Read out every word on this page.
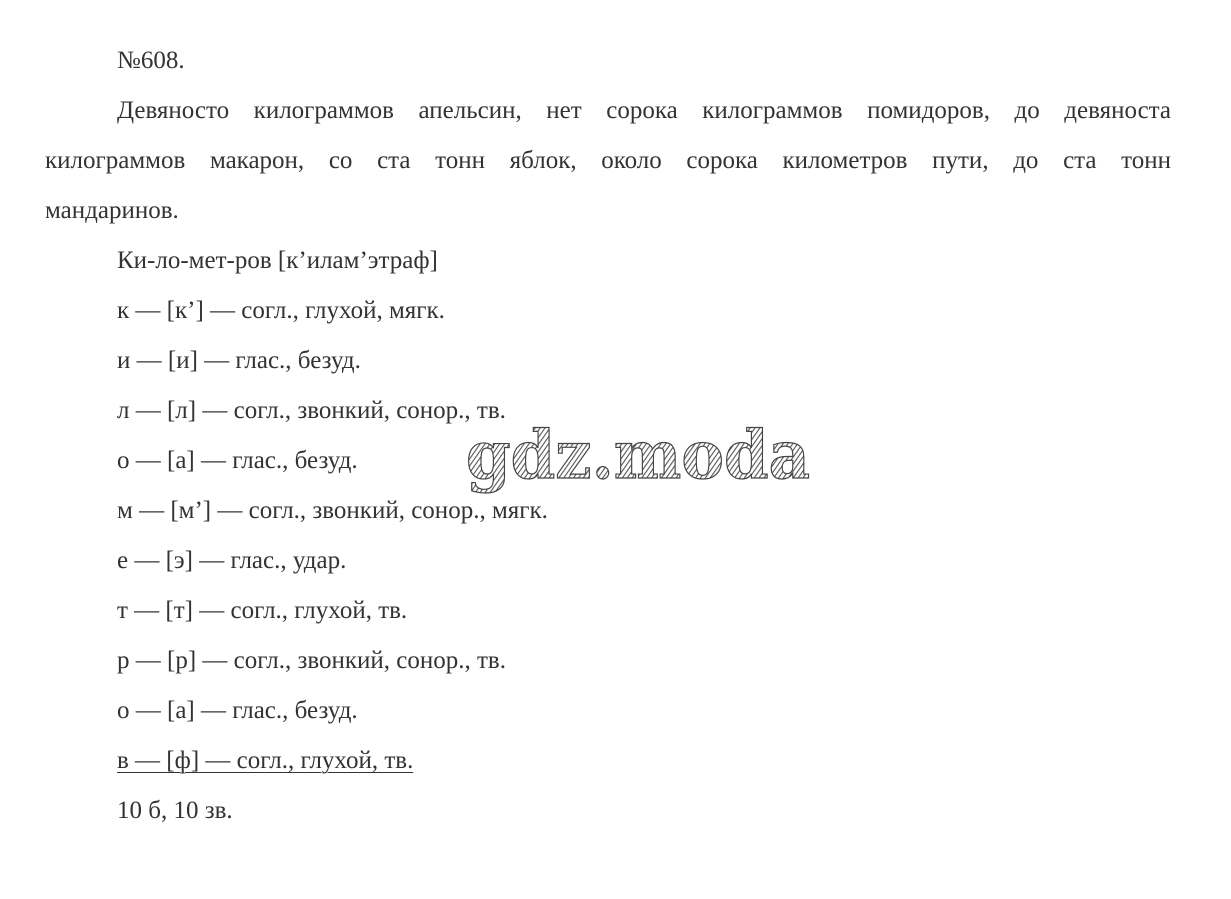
№608.
Девяносто килограммов апельсин, нет сорока килограммов помидоров, до девяноста
килограммов макарон, со ста тонн яблок, около сорока километров пути, до ста тонн
мандаринов.
Ки-ло-мет-ров [к’илам’этраф]
к — [к’] — согл., глухой, мягк.
и — [и] — глас., безуд.
л — [л] — согл., звонкий, сонор., тв.
о — [а] — глас., безуд.
м — [м’] — согл., звонкий, сонор., мягк.
е — [э] — глас., удар.
т — [т] — согл., глухой, тв.
р — [р] — согл., звонкий, сонор., тв.
о — [а] — глас., безуд.
в — [ф] — согл., глухой, тв.
10 б, 10 зв.
gdz.moda
